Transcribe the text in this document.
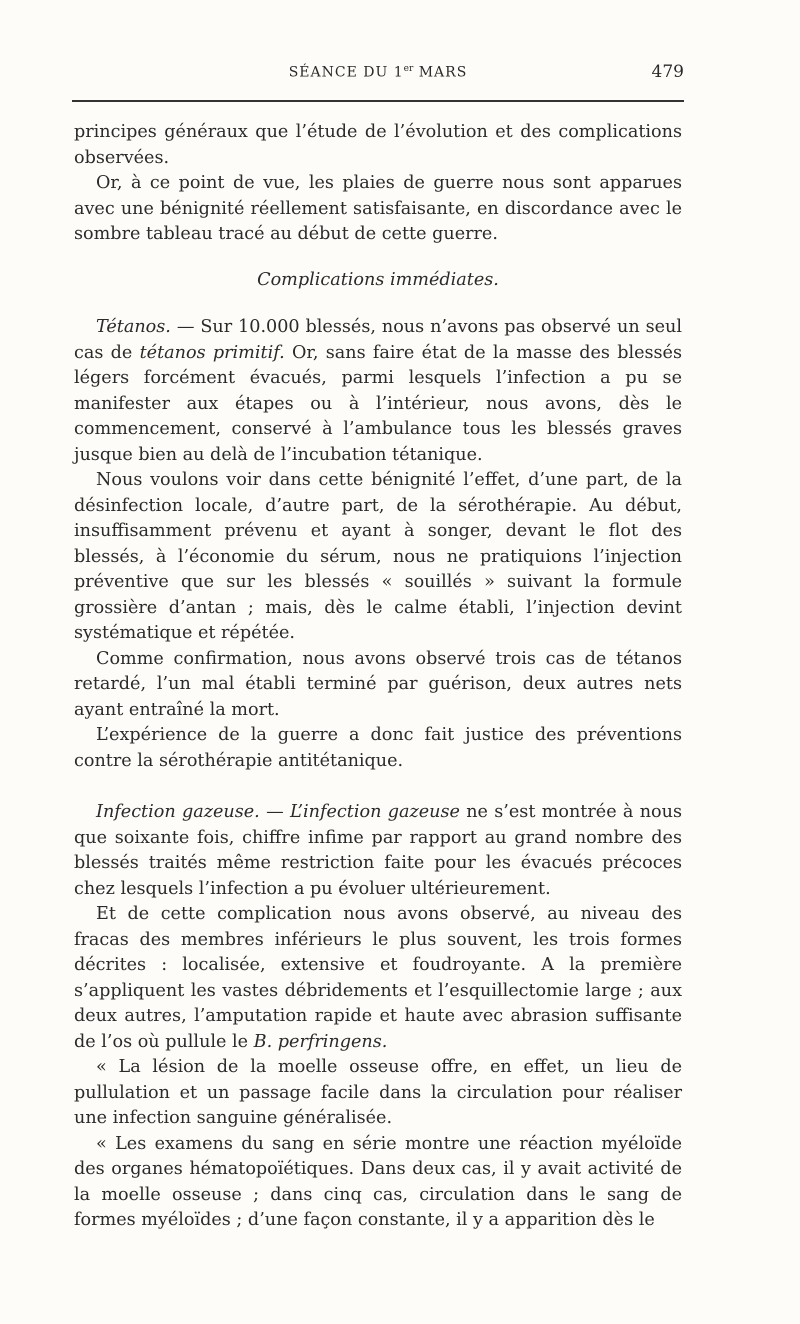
SÉANCE DU 1er MARS	479

principes généraux que l’étude de l’évolution et des complications observées.

Or, à ce point de vue, les plaies de guerre nous sont apparues avec une bénignité réellement satisfaisante, en discordance avec le sombre tableau tracé au début de cette guerre.

Complications immédiates.

Tétanos. — Sur 10.000 blessés, nous n’avons pas observé un seul cas de tétanos primitif. Or, sans faire état de la masse des blessés légers forcément évacués, parmi lesquels l’infection a pu se manifester aux étapes ou à l’intérieur, nous avons, dès le commencement, conservé à l’ambulance tous les blessés graves jusque bien au delà de l’incubation tétanique.

Nous voulons voir dans cette bénignité l’effet, d’une part, de la désinfection locale, d’autre part, de la sérothérapie. Au début, insuffisamment prévenu et ayant à songer, devant le flot des blessés, à l’économie du sérum, nous ne pratiquions l’injection préventive que sur les blessés « souillés » suivant la formule grossière d’antan ; mais, dès le calme établi, l’injection devint systématique et répétée.

Comme confirmation, nous avons observé trois cas de tétanos retardé, l’un mal établi terminé par guérison, deux autres nets ayant entraîné la mort.

L’expérience de la guerre a donc fait justice des préventions contre la sérothérapie antitétanique.

Infection gazeuse. — L’infection gazeuse ne s’est montrée à nous que soixante fois, chiffre infime par rapport au grand nombre des blessés traités même restriction faite pour les évacués précoces chez lesquels l’infection a pu évoluer ultérieurement.

Et de cette complication nous avons observé, au niveau des fracas des membres inférieurs le plus souvent, les trois formes décrites : localisée, extensive et foudroyante. A la première s’appliquent les vastes débridements et l’esquillectomie large ; aux deux autres, l’amputation rapide et haute avec abrasion suffisante de l’os où pullule le B. perfringens.

« La lésion de la moelle osseuse offre, en effet, un lieu de pullulation et un passage facile dans la circulation pour réaliser une infection sanguine généralisée.

« Les examens du sang en série montre une réaction myéloïde des organes hématopoïétiques. Dans deux cas, il y avait activité de la moelle osseuse ; dans cinq cas, circulation dans le sang de formes myéloïdes ; d’une façon constante, il y a apparition dès le
